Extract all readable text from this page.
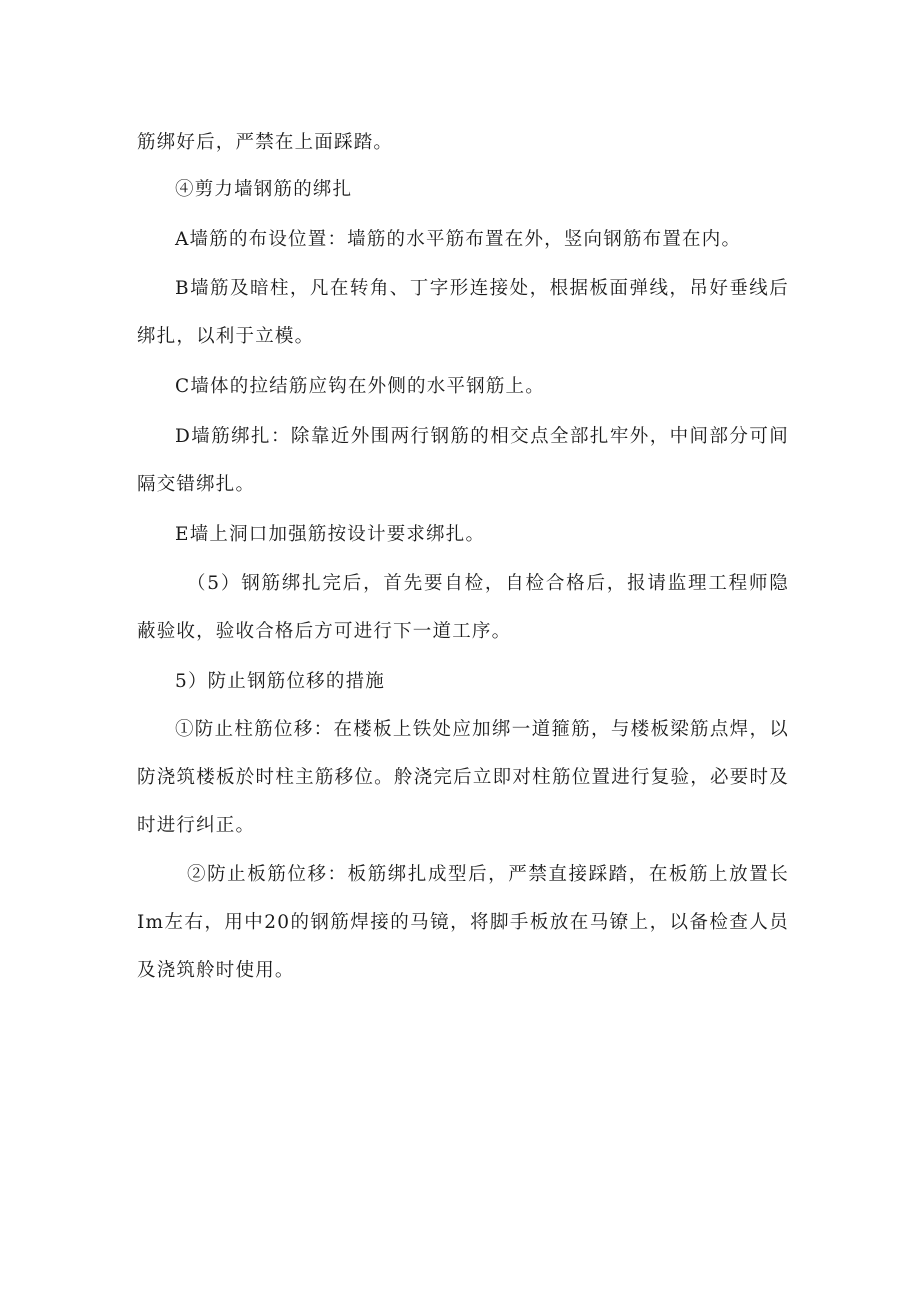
筋绑好后，严禁在上面踩踏。

④剪力墙钢筋的绑扎

A墙筋的布设位置：墙筋的水平筋布置在外，竖向钢筋布置在内。

B墙筋及暗柱，凡在转角、丁字形连接处，根据板面弹线，吊好垂线后绑扎，以利于立模。

C墙体的拉结筋应钩在外侧的水平钢筋上。

D墙筋绑扎：除靠近外围两行钢筋的相交点全部扎牢外，中间部分可间隔交错绑扎。

E墙上洞口加强筋按设计要求绑扎。

（5）钢筋绑扎完后，首先要自检，自检合格后，报请监理工程师隐蔽验收，验收合格后方可进行下一道工序。

5）防止钢筋位移的措施

①防止柱筋位移：在楼板上铁处应加绑一道箍筋，与楼板梁筋点焊，以防浇筑楼板於时柱主筋移位。舲浇完后立即对柱筋位置进行复验，必要时及时进行纠正。

②防止板筋位移：板筋绑扎成型后，严禁直接踩踏，在板筋上放置长Im左右，用中20的钢筋焊接的马镜，将脚手板放在马镣上，以备检查人员及浇筑舲时使用。
